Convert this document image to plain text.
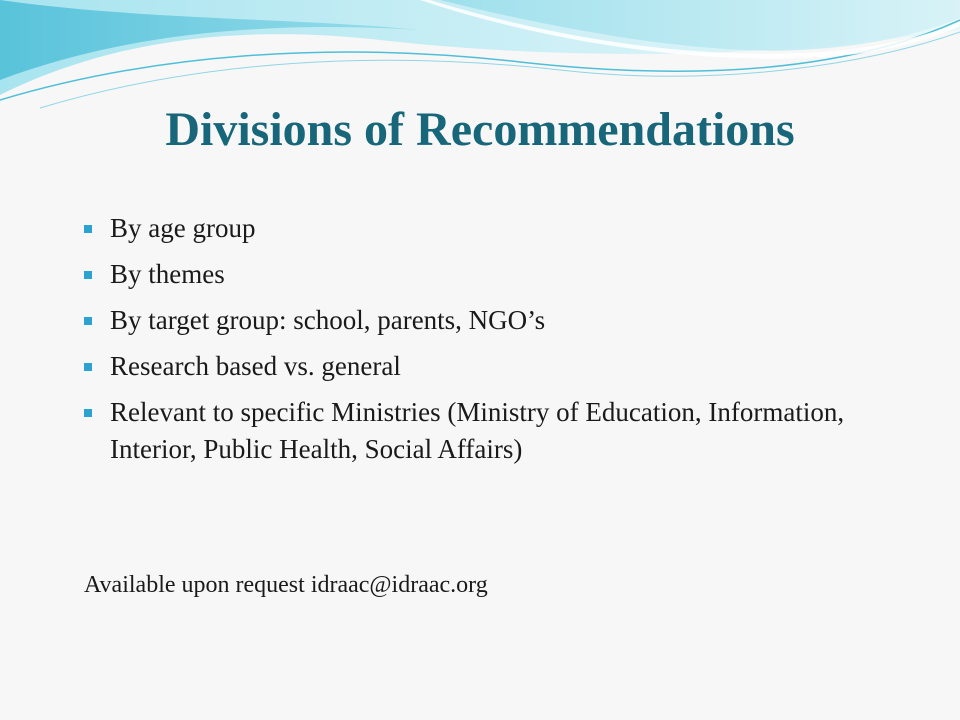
Divisions of Recommendations
By age group
By themes
By target group: school, parents, NGO’s
Research based vs. general
Relevant to specific Ministries (Ministry of Education, Information, Interior, Public Health, Social Affairs)

Available upon request idraac@idraac.org
